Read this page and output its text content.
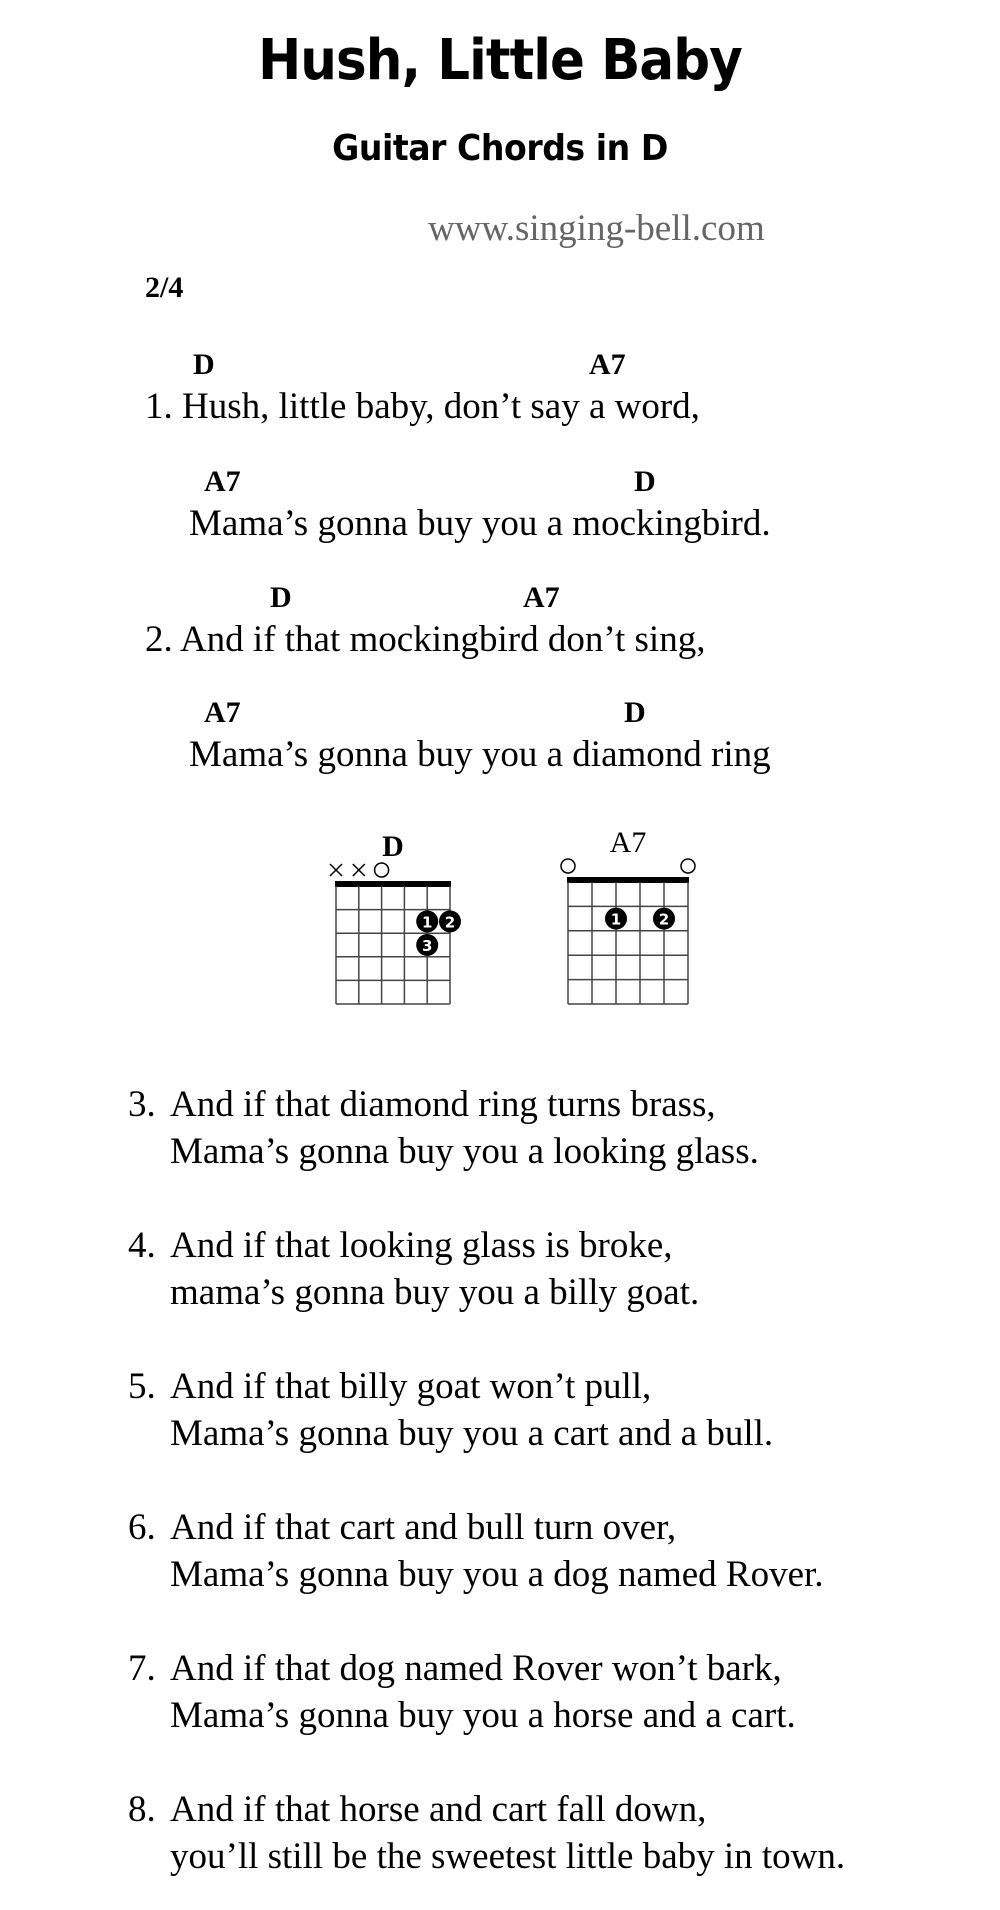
Hush, Little Baby
Guitar Chords in D
www.singing-bell.com
2/4
D	A7
1. Hush, little baby, don’t say a word,
A7	D
Mama’s gonna buy you a mockingbird.
D	A7
2. And if that mockingbird don’t sing,
A7	D
Mama’s gonna buy you a diamond ring
D
1 2
3
A7
1	2
3. And if that diamond ring turns brass,
Mama’s gonna buy you a looking glass.
4. And if that looking glass is broke,
mama’s gonna buy you a billy goat.
5. And if that billy goat won’t pull,
Mama’s gonna buy you a cart and a bull.
6. And if that cart and bull turn over,
Mama’s gonna buy you a dog named Rover.
7. And if that dog named Rover won’t bark,
Mama’s gonna buy you a horse and a cart.
8. And if that horse and cart fall down,
you’ll still be the sweetest little baby in town.
